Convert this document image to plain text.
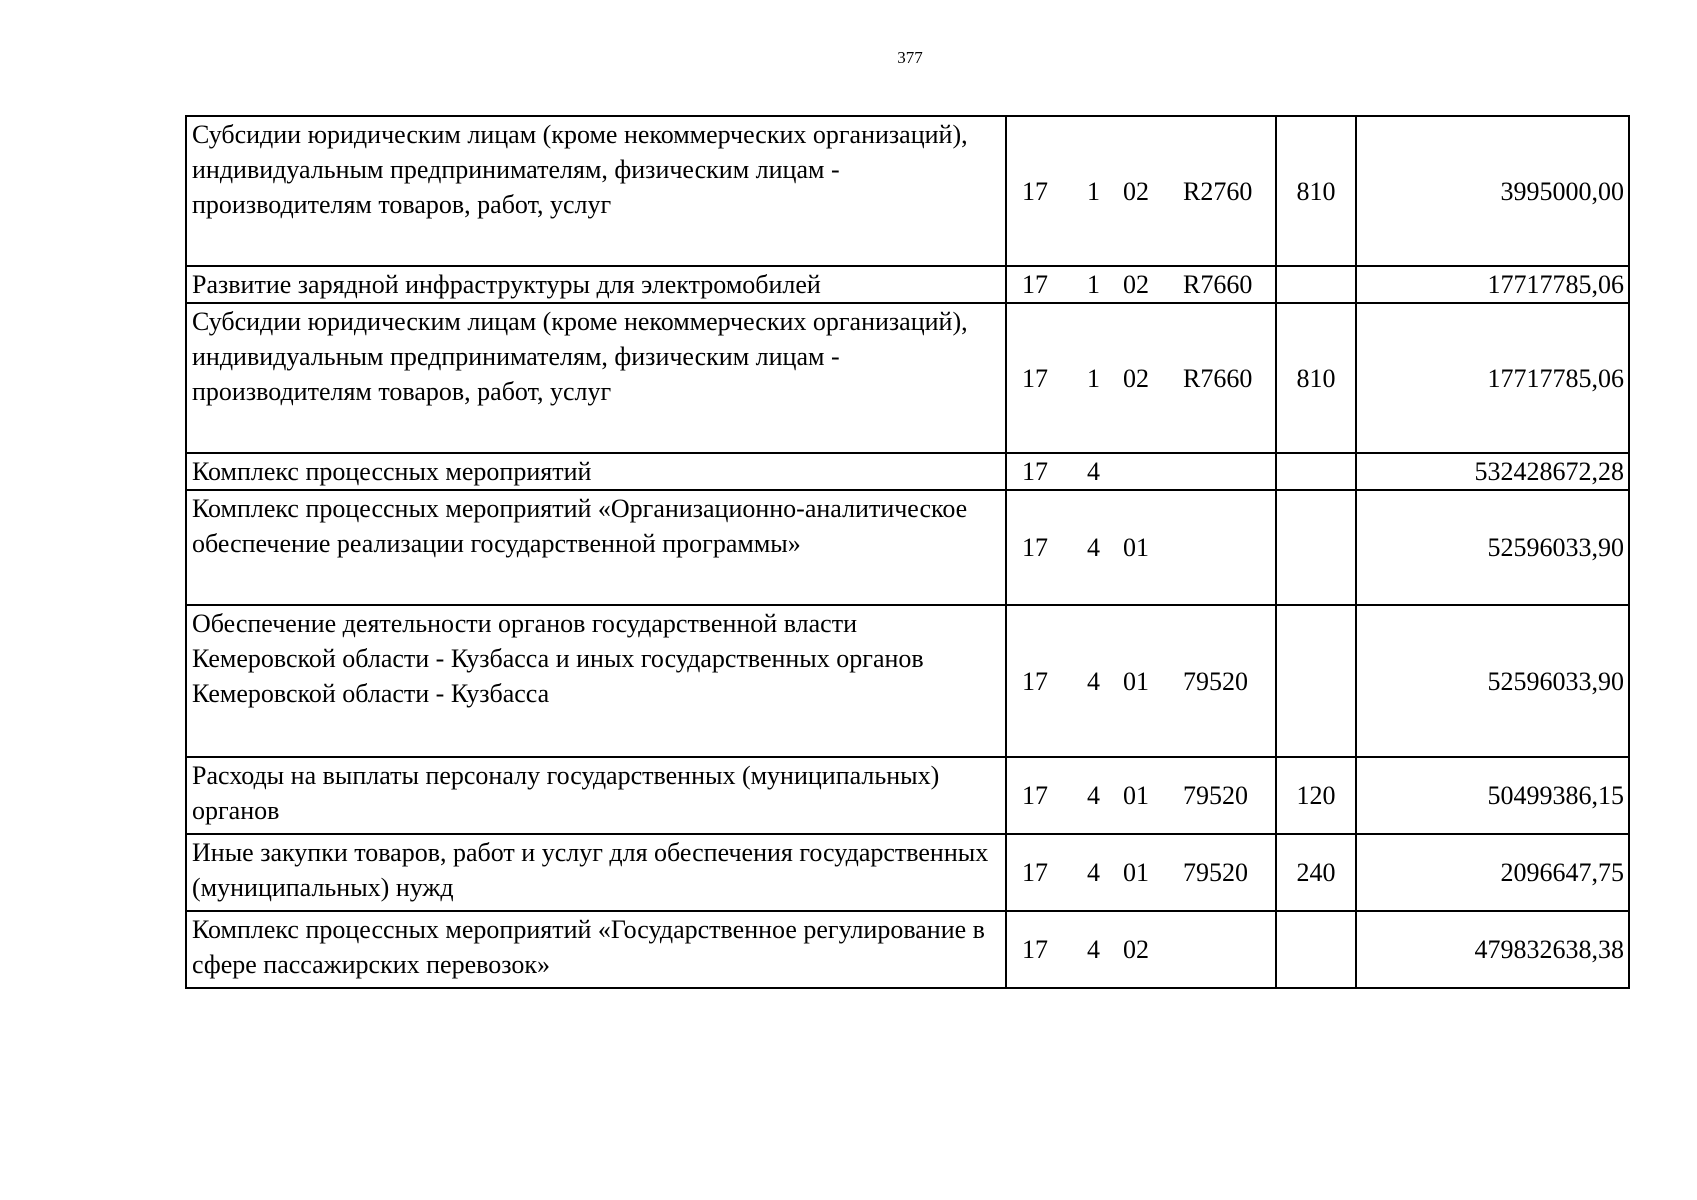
377
Субсидии юридическим лицам (кроме некоммерческих организаций), индивидуальным предпринимателям, физическим лицам - производителям товаров, работ, услуг	17 1 02 R2760	810	3995000,00
Развитие зарядной инфраструктуры для электромобилей	17 1 02 R7660		17717785,06
Субсидии юридическим лицам (кроме некоммерческих организаций), индивидуальным предпринимателям, физическим лицам - производителям товаров, работ, услуг	17 1 02 R7660	810	17717785,06
Комплекс процессных мероприятий	17 4		532428672,28
Комплекс процессных мероприятий «Организационно-аналитическое обеспечение реализации государственной программы»	17 4 01		52596033,90
Обеспечение деятельности органов государственной власти Кемеровской области - Кузбасса и иных государственных органов Кемеровской области - Кузбасса	17 4 01 79520		52596033,90
Расходы на выплаты персоналу государственных (муниципальных) органов	17 4 01 79520	120	50499386,15
Иные закупки товаров, работ и услуг для обеспечения государственных (муниципальных) нужд	17 4 01 79520	240	2096647,75
Комплекс процессных мероприятий «Государственное регулирование в сфере пассажирских перевозок»	17 4 02		479832638,38
